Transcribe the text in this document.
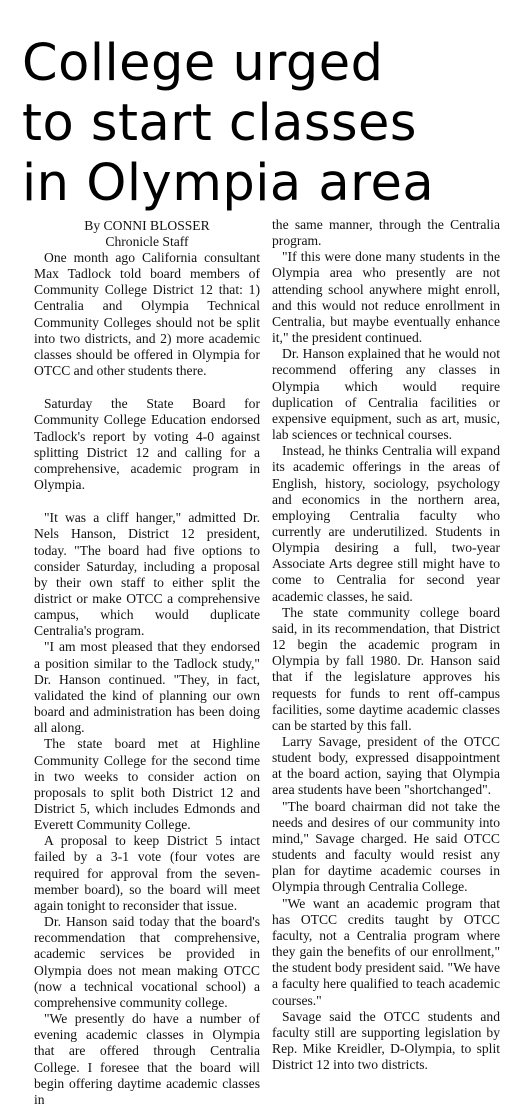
College urged
to start classes
in Olympia area
By CONNI BLOSSER
Chronicle Staff

One month ago California consultant Max Tadlock told board members of Community College District 12 that: 1) Centralia and Olympia Technical Community Colleges should not be split into two districts, and 2) more academic classes should be offered in Olympia for OTCC and other students there.

Saturday the State Board for Community College Education endorsed Tadlock's report by voting 4-0 against splitting District 12 and calling for a comprehensive, academic program in Olympia.

"It was a cliff hanger," admitted Dr. Nels Hanson, District 12 president, today. "The board had five options to consider Saturday, including a proposal by their own staff to either split the district or make OTCC a comprehensive campus, which would duplicate Centralia's program.

"I am most pleased that they endorsed a position similar to the Tadlock study," Dr. Hanson continued. "They, in fact, validated the kind of planning our own board and administration has been doing all along.

The state board met at Highline Community College for the second time in two weeks to consider action on proposals to split both District 12 and District 5, which includes Edmonds and Everett Community College.

A proposal to keep District 5 intact failed by a 3-1 vote (four votes are required for approval from the seven-member board), so the board will meet again tonight to reconsider that issue.

Dr. Hanson said today that the board's recommendation that comprehensive, academic services be provided in Olympia does not mean making OTCC (now a technical vocational school) a comprehensive community college.

"We presently do have a number of evening academic classes in Olympia that are offered through Centralia College. I foresee that the board will begin offering daytime academic classes in

the same manner, through the Centralia program.

"If this were done many students in the Olympia area who presently are not attending school anywhere might enroll, and this would not reduce enrollment in Centralia, but maybe eventually enhance it," the president continued.

Dr. Hanson explained that he would not recommend offering any classes in Olympia which would require duplication of Centralia facilities or expensive equipment, such as art, music, lab sciences or technical courses.

Instead, he thinks Centralia will expand its academic offerings in the areas of English, history, sociology, psychology and economics in the northern area, employing Centralia faculty who currently are underutilized. Students in Olympia desiring a full, two-year Associate Arts degree still might have to come to Centralia for second year academic classes, he said.

The state community college board said, in its recommendation, that District 12 begin the academic program in Olympia by fall 1980. Dr. Hanson said that if the legislature approves his requests for funds to rent off-campus facilities, some daytime academic classes can be started by this fall.

Larry Savage, president of the OTCC student body, expressed disappointment at the board action, saying that Olympia area students have been "shortchanged".

"The board chairman did not take the needs and desires of our community into mind," Savage charged. He said OTCC students and faculty would resist any plan for daytime academic courses in Olympia through Centralia College.

"We want an academic program that has OTCC credits taught by OTCC faculty, not a Centralia program where they gain the benefits of our enrollment," the student body president said. "We have a faculty here qualified to teach academic courses."

Savage said the OTCC students and faculty still are supporting legislation by Rep. Mike Kreidler, D-Olympia, to split District 12 into two districts.
